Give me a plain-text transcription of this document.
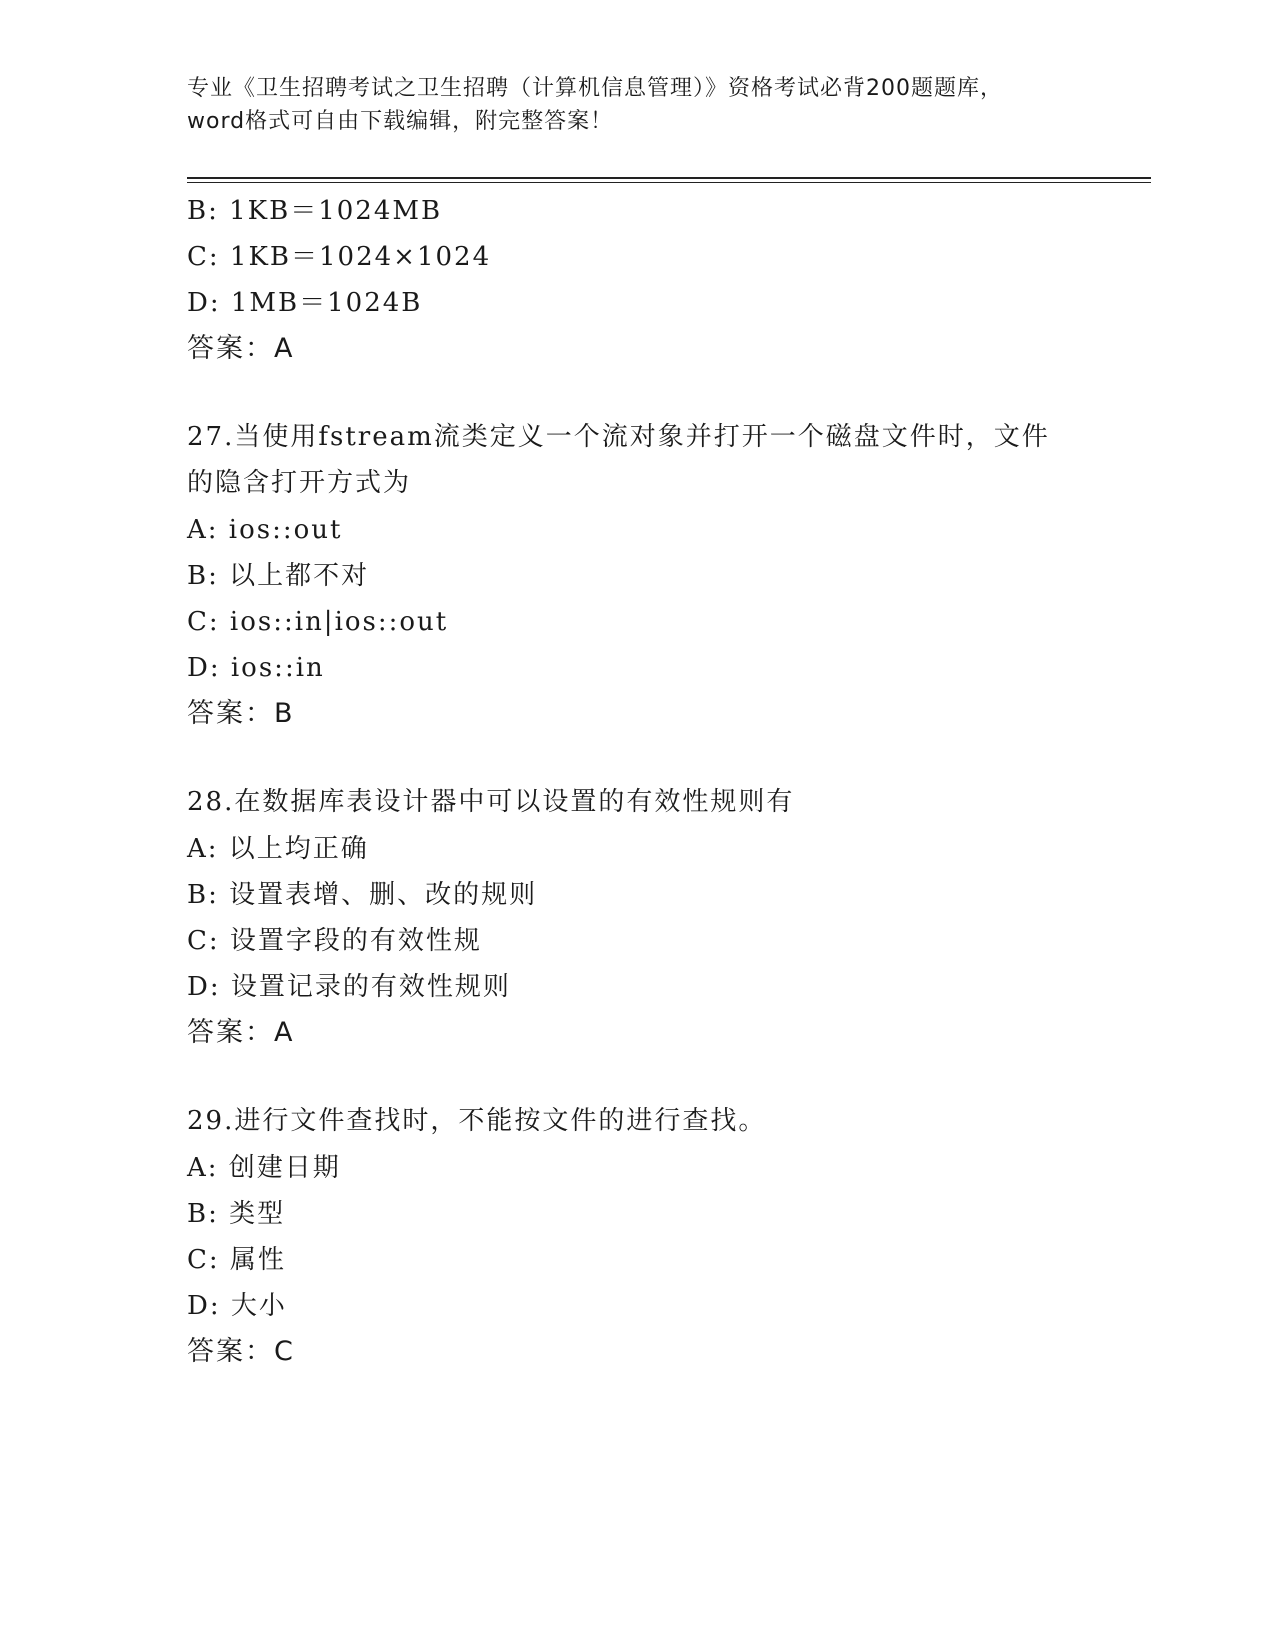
专业《卫生招聘考试之卫生招聘（计算机信息管理）》资格考试必背200题题库，
word格式可自由下载编辑，附完整答案！
B: 1KB＝1024MB
C: 1KB＝1024×1024
D: 1MB＝1024B
答案：A
27.当使用fstream流类定义一个流对象并打开一个磁盘文件时，文件
的隐含打开方式为
A: ios::out
B: 以上都不对
C: ios::in|ios::out
D: ios::in
答案：B
28.在数据库表设计器中可以设置的有效性规则有
A: 以上均正确
B: 设置表增、删、改的规则
C: 设置字段的有效性规
D: 设置记录的有效性规则
答案：A
29.进行文件查找时，不能按文件的进行查找。
A: 创建日期
B: 类型
C: 属性
D: 大小
答案：C
